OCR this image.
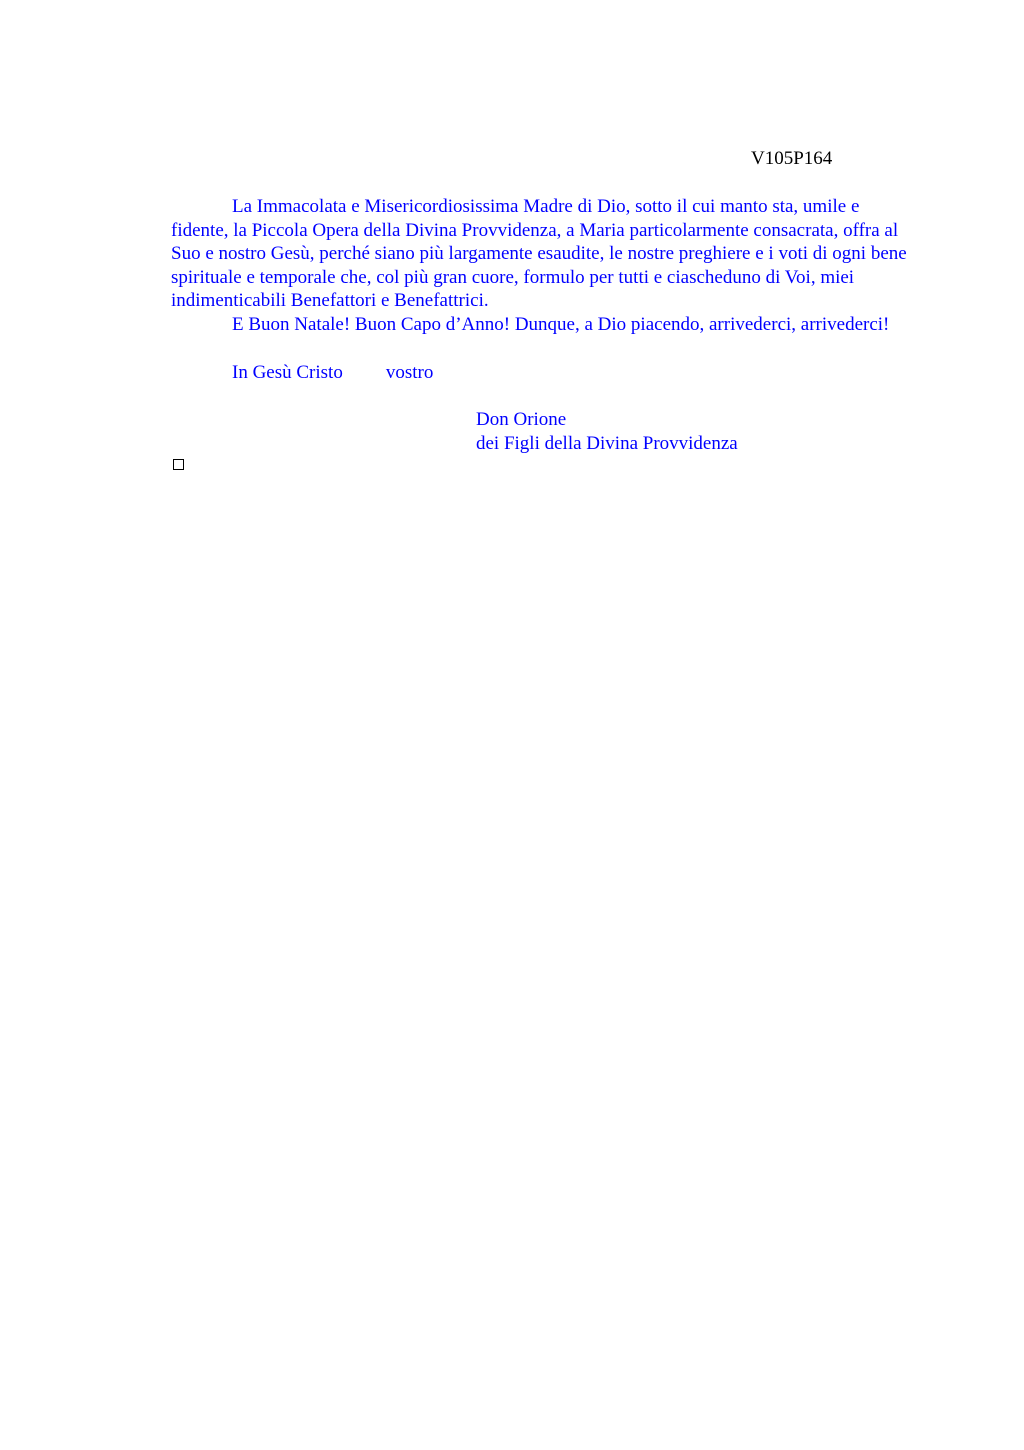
V105P164

La Immacolata e Misericordiosissima Madre di Dio, sotto il cui manto sta, umile e fidente, la Piccola Opera della Divina Provvidenza, a Maria particolarmente consacrata, offra al Suo e nostro Gesù, perché siano più largamente esaudite, le nostre preghiere e i voti di ogni bene spirituale e temporale che, col più gran cuore, formulo per tutti e ciascheduno di Voi, miei indimenticabili Benefattori e Benefattrici.

E Buon Natale! Buon Capo d’Anno! Dunque, a Dio piacendo, arrivederci, arrivederci!

In Gesù Cristo vostro
Don Orione
dei Figli della Divina Provvidenza
